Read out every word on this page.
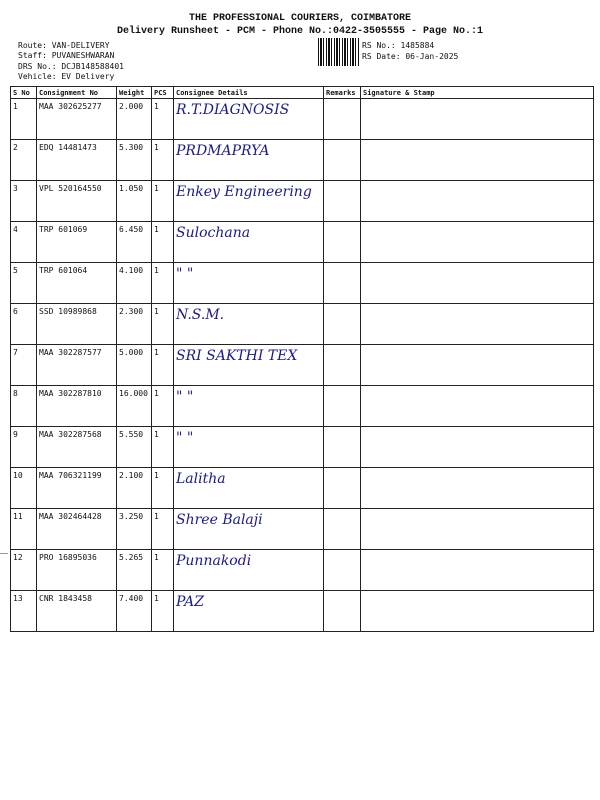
THE PROFESSIONAL COURIERS, COIMBATORE
Delivery Runsheet - PCM - Phone No.:0422-3505555 - Page No.:1
Route: VAN-DELIVERY
Staff: PUVANESHWARAN
DRS No.: DCJB148588401
Vehicle: EV Delivery
RS No.: 1485884
RS Date: 06-Jan-2025
S No	Consignment No	Weight	PCS	Consignee Details	Remarks	Signature & Stamp
1	MAA 302625277	2.000	1	R.T.DIAGNOSIS		
2	EDQ 14481473	5.300	1	PRDMAPRYA		
3	VPL 520164550	1.050	1	Enkey Engineering		
4	TRP 601069	6.450	1	Sulochana		
5	TRP 601064	4.100	1	" "		
6	SSD 10989868	2.300	1	N.S.M.		
7	MAA 302287577	5.000	1	SRI SAKTHI TEX		
8	MAA 302287810	16.000	1	" "		
9	MAA 302287568	5.550	1	" "		
10	MAA 706321199	2.100	1	Lalitha		
11	MAA 302464428	3.250	1	Shree Balaji		
12	PRO 16895036	5.265	1	Punnakodi		
13	CNR 1843458	7.400	1	PAZ		
